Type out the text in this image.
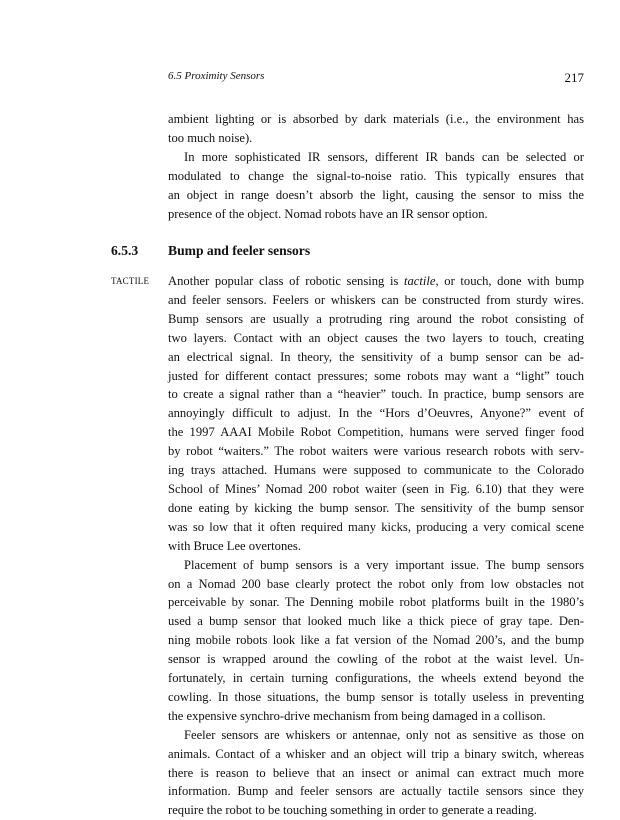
6.5 Proximity Sensors	217
ambient lighting or is absorbed by dark materials (i.e., the environment has
too much noise).
In more sophisticated IR sensors, different IR bands can be selected or
modulated to change the signal-to-noise ratio. This typically ensures that
an object in range doesn’t absorb the light, causing the sensor to miss the
presence of the object. Nomad robots have an IR sensor option.
6.5.3 Bump and feeler sensors
TACTILE Another popular class of robotic sensing is tactile, or touch, done with bump
and feeler sensors. Feelers or whiskers can be constructed from sturdy wires.
Bump sensors are usually a protruding ring around the robot consisting of
two layers. Contact with an object causes the two layers to touch, creating
an electrical signal. In theory, the sensitivity of a bump sensor can be ad-
justed for different contact pressures; some robots may want a “light” touch
to create a signal rather than a “heavier” touch. In practice, bump sensors are
annoyingly difficult to adjust. In the “Hors d’Oeuvres, Anyone?” event of
the 1997 AAAI Mobile Robot Competition, humans were served finger food
by robot “waiters.” The robot waiters were various research robots with serv-
ing trays attached. Humans were supposed to communicate to the Colorado
School of Mines’ Nomad 200 robot waiter (seen in Fig. 6.10) that they were
done eating by kicking the bump sensor. The sensitivity of the bump sensor
was so low that it often required many kicks, producing a very comical scene
with Bruce Lee overtones.
Placement of bump sensors is a very important issue. The bump sensors
on a Nomad 200 base clearly protect the robot only from low obstacles not
perceivable by sonar. The Denning mobile robot platforms built in the 1980’s
used a bump sensor that looked much like a thick piece of gray tape. Den-
ning mobile robots look like a fat version of the Nomad 200’s, and the bump
sensor is wrapped around the cowling of the robot at the waist level. Un-
fortunately, in certain turning configurations, the wheels extend beyond the
cowling. In those situations, the bump sensor is totally useless in preventing
the expensive synchro-drive mechanism from being damaged in a collison.
Feeler sensors are whiskers or antennae, only not as sensitive as those on
animals. Contact of a whisker and an object will trip a binary switch, whereas
there is reason to believe that an insect or animal can extract much more
information. Bump and feeler sensors are actually tactile sensors since they
require the robot to be touching something in order to generate a reading.
